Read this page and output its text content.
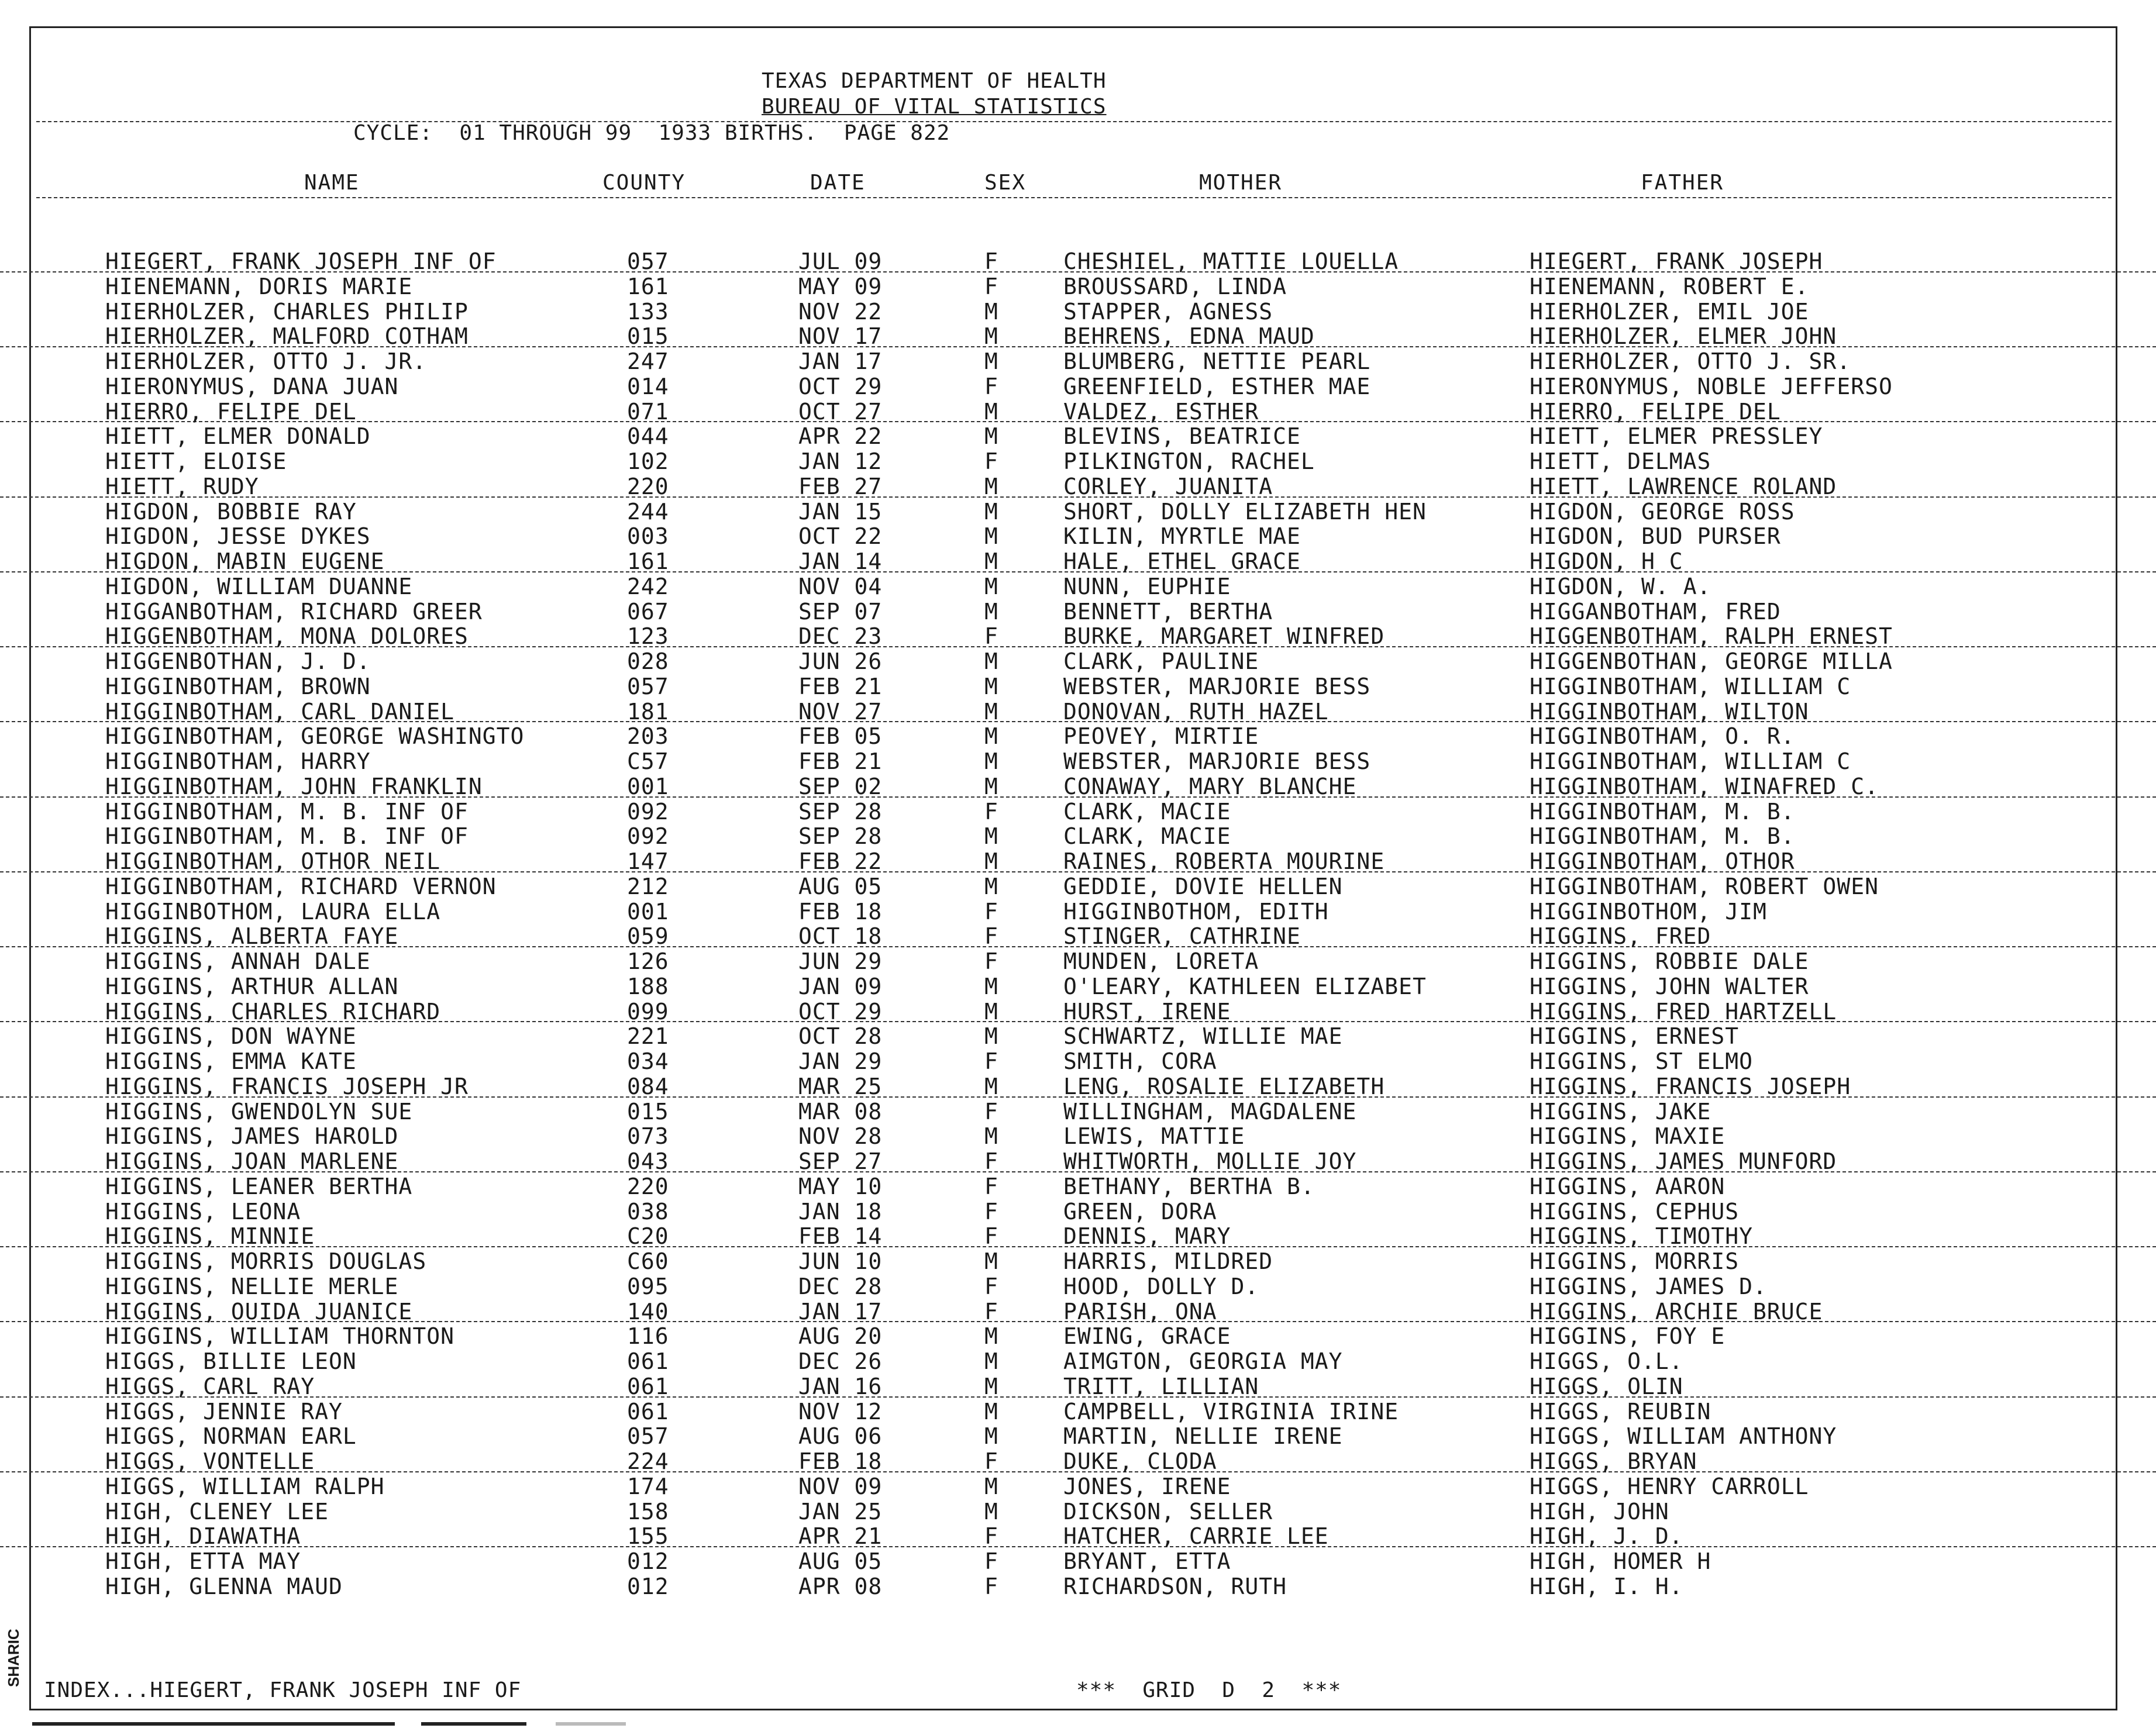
TEXAS DEPARTMENT OF HEALTH
BUREAU OF VITAL STATISTICS
CYCLE:  01 THROUGH 99  1933 BIRTHS.  PAGE 822
NAME	COUNTY	DATE	SEX	MOTHER	FATHER
HIEGERT, FRANK JOSEPH INF OF	057	JUL 09	F	CHESHIEL, MATTIE LOUELLA	HIEGERT, FRANK JOSEPH
HIENEMANN, DORIS MARIE	161	MAY 09	F	BROUSSARD, LINDA	HIENEMANN, ROBERT E.
HIERHOLZER, CHARLES PHILIP	133	NOV 22	M	STAPPER, AGNESS	HIERHOLZER, EMIL JOE
HIERHOLZER, MALFORD COTHAM	015	NOV 17	M	BEHRENS, EDNA MAUD	HIERHOLZER, ELMER JOHN
HIERHOLZER, OTTO J. JR.	247	JAN 17	M	BLUMBERG, NETTIE PEARL	HIERHOLZER, OTTO J. SR.
HIERONYMUS, DANA JUAN	014	OCT 29	F	GREENFIELD, ESTHER MAE	HIERONYMUS, NOBLE JEFFERSO
HIERRO, FELIPE DEL	071	OCT 27	M	VALDEZ, ESTHER	HIERRO, FELIPE DEL
HIETT, ELMER DONALD	044	APR 22	M	BLEVINS, BEATRICE	HIETT, ELMER PRESSLEY
HIETT, ELOISE	102	JAN 12	F	PILKINGTON, RACHEL	HIETT, DELMAS
HIETT, RUDY	220	FEB 27	M	CORLEY, JUANITA	HIETT, LAWRENCE ROLAND
HIGDON, BOBBIE RAY	244	JAN 15	M	SHORT, DOLLY ELIZABETH HEN	HIGDON, GEORGE ROSS
HIGDON, JESSE DYKES	003	OCT 22	M	KILIN, MYRTLE MAE	HIGDON, BUD PURSER
HIGDON, MABIN EUGENE	161	JAN 14	M	HALE, ETHEL GRACE	HIGDON, H C
HIGDON, WILLIAM DUANNE	242	NOV 04	M	NUNN, EUPHIE	HIGDON, W. A.
HIGGANBOTHAM, RICHARD GREER	067	SEP 07	M	BENNETT, BERTHA	HIGGANBOTHAM, FRED
HIGGENBOTHAM, MONA DOLORES	123	DEC 23	F	BURKE, MARGARET WINFRED	HIGGENBOTHAM, RALPH ERNEST
HIGGENBOTHAN, J. D.	028	JUN 26	M	CLARK, PAULINE	HIGGENBOTHAN, GEORGE MILLA
HIGGINBOTHAM, BROWN	057	FEB 21	M	WEBSTER, MARJORIE BESS	HIGGINBOTHAM, WILLIAM C
HIGGINBOTHAM, CARL DANIEL	181	NOV 27	M	DONOVAN, RUTH HAZEL	HIGGINBOTHAM, WILTON
HIGGINBOTHAM, GEORGE WASHINGTO	203	FEB 05	M	PEOVEY, MIRTIE	HIGGINBOTHAM, O. R.
HIGGINBOTHAM, HARRY	C57	FEB 21	M	WEBSTER, MARJORIE BESS	HIGGINBOTHAM, WILLIAM C
HIGGINBOTHAM, JOHN FRANKLIN	001	SEP 02	M	CONAWAY, MARY BLANCHE	HIGGINBOTHAM, WINAFRED C.
HIGGINBOTHAM, M. B. INF OF	092	SEP 28	F	CLARK, MACIE	HIGGINBOTHAM, M. B.
HIGGINBOTHAM, M. B. INF OF	092	SEP 28	M	CLARK, MACIE	HIGGINBOTHAM, M. B.
HIGGINBOTHAM, OTHOR NEIL	147	FEB 22	M	RAINES, ROBERTA MOURINE	HIGGINBOTHAM, OTHOR
HIGGINBOTHAM, RICHARD VERNON	212	AUG 05	M	GEDDIE, DOVIE HELLEN	HIGGINBOTHAM, ROBERT OWEN
HIGGINBOTHOM, LAURA ELLA	001	FEB 18	F	HIGGINBOTHOM, EDITH	HIGGINBOTHOM, JIM
HIGGINS, ALBERTA FAYE	059	OCT 18	F	STINGER, CATHRINE	HIGGINS, FRED
HIGGINS, ANNAH DALE	126	JUN 29	F	MUNDEN, LORETA	HIGGINS, ROBBIE DALE
HIGGINS, ARTHUR ALLAN	188	JAN 09	M	O'LEARY, KATHLEEN ELIZABET	HIGGINS, JOHN WALTER
HIGGINS, CHARLES RICHARD	099	OCT 29	M	HURST, IRENE	HIGGINS, FRED HARTZELL
HIGGINS, DON WAYNE	221	OCT 28	M	SCHWARTZ, WILLIE MAE	HIGGINS, ERNEST
HIGGINS, EMMA KATE	034	JAN 29	F	SMITH, CORA	HIGGINS, ST ELMO
HIGGINS, FRANCIS JOSEPH JR	084	MAR 25	M	LENG, ROSALIE ELIZABETH	HIGGINS, FRANCIS JOSEPH
HIGGINS, GWENDOLYN SUE	015	MAR 08	F	WILLINGHAM, MAGDALENE	HIGGINS, JAKE
HIGGINS, JAMES HAROLD	073	NOV 28	M	LEWIS, MATTIE	HIGGINS, MAXIE
HIGGINS, JOAN MARLENE	043	SEP 27	F	WHITWORTH, MOLLIE JOY	HIGGINS, JAMES MUNFORD
HIGGINS, LEANER BERTHA	220	MAY 10	F	BETHANY, BERTHA B.	HIGGINS, AARON
HIGGINS, LEONA	038	JAN 18	F	GREEN, DORA	HIGGINS, CEPHUS
HIGGINS, MINNIE	C20	FEB 14	F	DENNIS, MARY	HIGGINS, TIMOTHY
HIGGINS, MORRIS DOUGLAS	C60	JUN 10	M	HARRIS, MILDRED	HIGGINS, MORRIS
HIGGINS, NELLIE MERLE	095	DEC 28	F	HOOD, DOLLY D.	HIGGINS, JAMES D.
HIGGINS, OUIDA JUANICE	140	JAN 17	F	PARISH, ONA	HIGGINS, ARCHIE BRUCE
HIGGINS, WILLIAM THORNTON	116	AUG 20	M	EWING, GRACE	HIGGINS, FOY E
HIGGS, BILLIE LEON	061	DEC 26	M	AIMGTON, GEORGIA MAY	HIGGS, O.L.
HIGGS, CARL RAY	061	JAN 16	M	TRITT, LILLIAN	HIGGS, OLIN
HIGGS, JENNIE RAY	061	NOV 12	M	CAMPBELL, VIRGINIA IRINE	HIGGS, REUBIN
HIGGS, NORMAN EARL	057	AUG 06	M	MARTIN, NELLIE IRENE	HIGGS, WILLIAM ANTHONY
HIGGS, VONTELLE	224	FEB 18	F	DUKE, CLODA	HIGGS, BRYAN
HIGGS, WILLIAM RALPH	174	NOV 09	M	JONES, IRENE	HIGGS, HENRY CARROLL
HIGH, CLENEY LEE	158	JAN 25	M	DICKSON, SELLER	HIGH, JOHN
HIGH, DIAWATHA	155	APR 21	F	HATCHER, CARRIE LEE	HIGH, J. D.
HIGH, ETTA MAY	012	AUG 05	F	BRYANT, ETTA	HIGH, HOMER H
HIGH, GLENNA MAUD	012	APR 08	F	RICHARDSON, RUTH	HIGH, I. H.
INDEX...HIEGERT, FRANK JOSEPH INF OF	***  GRID  D  2  ***
SHARIC
